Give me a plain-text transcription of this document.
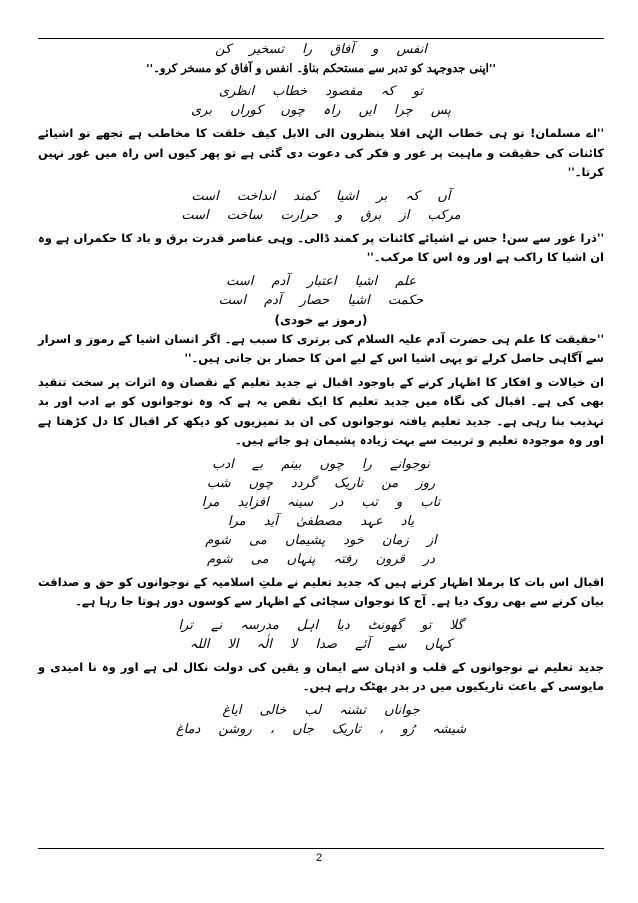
انفس و آفاق را تسخیر کن
''اپنی جدوجہد کو تدبر سے مستحکم بناؤ۔ انفس و آفاق کو مسخر کرو۔''
تو کہ مقصود خطاب انظری
پس چرا ایں راہ چوں کوراں بری
''اے مسلمان! تو ہی خطاب الہٰی افلا ینظرون الی الابل کیف خلقت کا مخاطب ہے تجھے تو اشیائے کائنات کی حقیقت و ماہیت پر غور و فکر کی دعوت دی گئی ہے تو پھر کیوں اس راہ میں غور نہیں کرتا۔''
آں کہ بر اشیا کمند انداخت است
مرکب از برق و حرارت ساخت است
''ذرا غور سے سن! جس نے اشیائے کائنات پر کمند ڈالی۔ وہی عناصر قدرت برق و باد کا حکمراں ہے وہ ان اشیا کا راکب ہے اور وہ اس کا مرکب۔''
علم اشیا اعتبار آدم است
حکمت اشیا حصار آدم است
(رموز بے خودی)
''حقیقت کا علم ہی حضرت آدم علیہ السلام کی برتری کا سبب ہے۔ اگر انسان اشیا کے رموز و اسرار سے آگاہی حاصل کرلے تو یہی اشیا اس کے لیے امن کا حصار بن جاتی ہیں۔''
ان خیالات و افکار کا اظہار کرنے کے باوجود اقبال نے جدید تعلیم کے نقصان وہ اثرات پر سخت تنقید بھی کی ہے۔ اقبال کی نگاہ میں جدید تعلیم کا ایک نقص یہ ہے کہ وہ نوجوانوں کو بے ادب اور بد تہذیب بنا رہی ہے۔ جدید تعلیم یافتہ نوجوانوں کی ان بد تمیزیوں کو دیکھ کر اقبال کا دل کڑھتا ہے اور وہ موجودہ تعلیم و تربیت سے بہت زیادہ پشیمان ہو جاتے ہیں۔
نوجوانے را چوں بینم بے ادب
روز من تاریک گردد چوں شب
تاب و تب در سینہ افزاید مرا
یاد عہد مصطفیٰ آید مرا
از زمان خود پشیماں می شوم
در قرون رفتہ پنہاں می شوم
اقبال اس بات کا برملا اظہار کرتے ہیں کہ جدید تعلیم نے ملتِ اسلامیہ کے نوجوانوں کو حق و صداقت بیان کرنے سے بھی روک دیا ہے۔ آج کا نوجوان سچائی کے اظہار سے کوسوں دور ہوتا جا رہا ہے۔
گلا تو گھونٹ دیا اہل مدرسہ نے ترا
کہاں سے آئے صدا لا الٰہ الا اللہ
جدید تعلیم نے نوجوانوں کے قلب و اذہان سے ایمان و یقین کی دولت نکال لی ہے اور وہ نا امیدی و مایوسی کے باعث تاریکیوں میں در بدر بھٹک رہے ہیں۔
جواناں تشنہ لب خالی ایاغ
شیشہ رُو ، تاریک جاں ، روشن دماغ
2
